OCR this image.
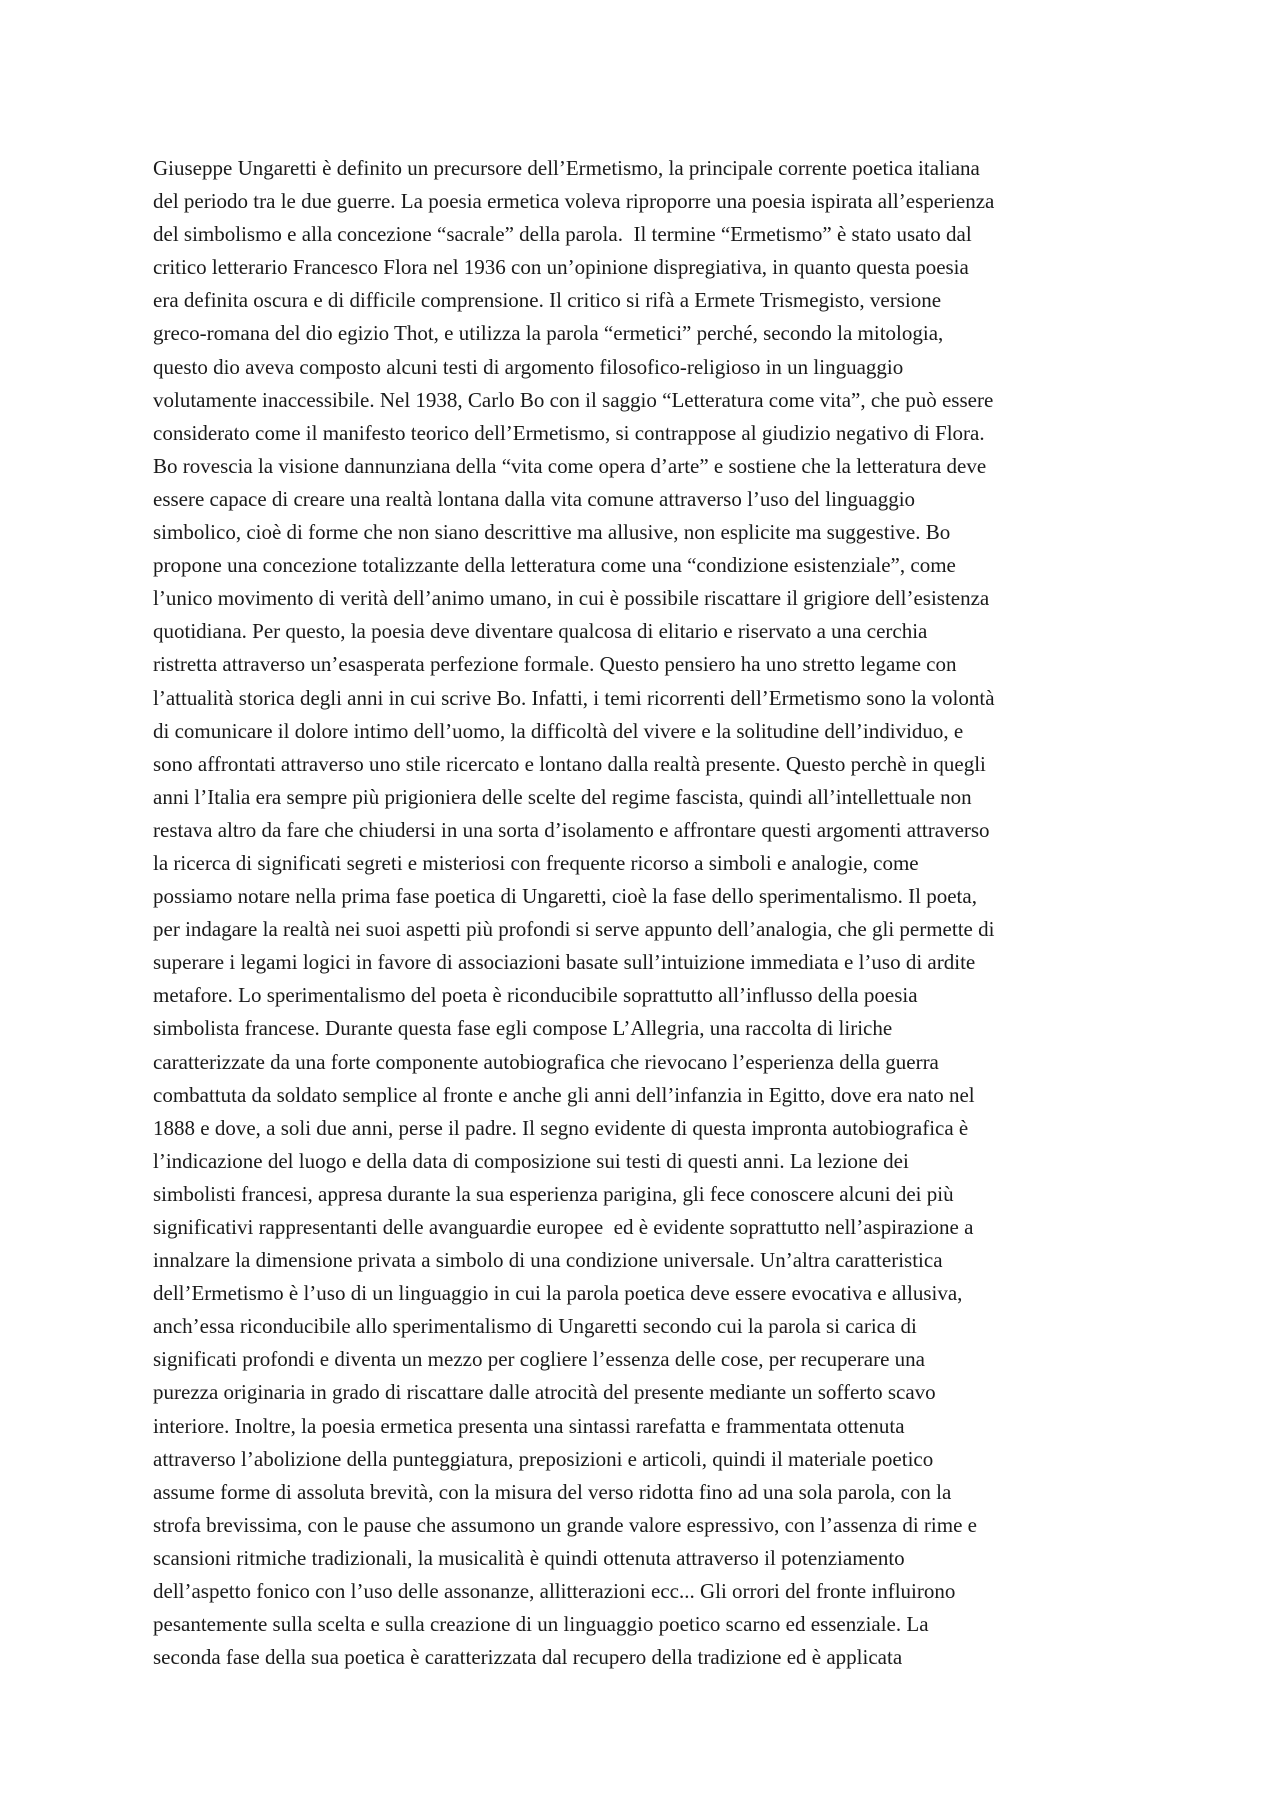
Giuseppe Ungaretti è definito un precursore dell’Ermetismo, la principale corrente poetica italiana
del periodo tra le due guerre. La poesia ermetica voleva riproporre una poesia ispirata all’esperienza
del simbolismo e alla concezione “sacrale” della parola.  Il termine “Ermetismo” è stato usato dal
critico letterario Francesco Flora nel 1936 con un’opinione dispregiativa, in quanto questa poesia
era definita oscura e di difficile comprensione. Il critico si rifà a Ermete Trismegisto, versione
greco-romana del dio egizio Thot, e utilizza la parola “ermetici” perché, secondo la mitologia,
questo dio aveva composto alcuni testi di argomento filosofico-religioso in un linguaggio
volutamente inaccessibile. Nel 1938, Carlo Bo con il saggio “Letteratura come vita”, che può essere
considerato come il manifesto teorico dell’Ermetismo, si contrappose al giudizio negativo di Flora.
Bo rovescia la visione dannunziana della “vita come opera d’arte” e sostiene che la letteratura deve
essere capace di creare una realtà lontana dalla vita comune attraverso l’uso del linguaggio
simbolico, cioè di forme che non siano descrittive ma allusive, non esplicite ma suggestive. Bo
propone una concezione totalizzante della letteratura come una “condizione esistenziale”, come
l’unico movimento di verità dell’animo umano, in cui è possibile riscattare il grigiore dell’esistenza
quotidiana. Per questo, la poesia deve diventare qualcosa di elitario e riservato a una cerchia
ristretta attraverso un’esasperata perfezione formale. Questo pensiero ha uno stretto legame con
l’attualità storica degli anni in cui scrive Bo. Infatti, i temi ricorrenti dell’Ermetismo sono la volontà
di comunicare il dolore intimo dell’uomo, la difficoltà del vivere e la solitudine dell’individuo, e
sono affrontati attraverso uno stile ricercato e lontano dalla realtà presente. Questo perchè in quegli
anni l’Italia era sempre più prigioniera delle scelte del regime fascista, quindi all’intellettuale non
restava altro da fare che chiudersi in una sorta d’isolamento e affrontare questi argomenti attraverso
la ricerca di significati segreti e misteriosi con frequente ricorso a simboli e analogie, come
possiamo notare nella prima fase poetica di Ungaretti, cioè la fase dello sperimentalismo. Il poeta,
per indagare la realtà nei suoi aspetti più profondi si serve appunto dell’analogia, che gli permette di
superare i legami logici in favore di associazioni basate sull’intuizione immediata e l’uso di ardite
metafore. Lo sperimentalismo del poeta è riconducibile soprattutto all’influsso della poesia
simbolista francese. Durante questa fase egli compose L’Allegria, una raccolta di liriche
caratterizzate da una forte componente autobiografica che rievocano l’esperienza della guerra
combattuta da soldato semplice al fronte e anche gli anni dell’infanzia in Egitto, dove era nato nel
1888 e dove, a soli due anni, perse il padre. Il segno evidente di questa impronta autobiografica è
l’indicazione del luogo e della data di composizione sui testi di questi anni. La lezione dei
simbolisti francesi, appresa durante la sua esperienza parigina, gli fece conoscere alcuni dei più
significativi rappresentanti delle avanguardie europee  ed è evidente soprattutto nell’aspirazione a
innalzare la dimensione privata a simbolo di una condizione universale. Un’altra caratteristica
dell’Ermetismo è l’uso di un linguaggio in cui la parola poetica deve essere evocativa e allusiva,
anch’essa riconducibile allo sperimentalismo di Ungaretti secondo cui la parola si carica di
significati profondi e diventa un mezzo per cogliere l’essenza delle cose, per recuperare una
purezza originaria in grado di riscattare dalle atrocità del presente mediante un sofferto scavo
interiore. Inoltre, la poesia ermetica presenta una sintassi rarefatta e frammentata ottenuta
attraverso l’abolizione della punteggiatura, preposizioni e articoli, quindi il materiale poetico
assume forme di assoluta brevità, con la misura del verso ridotta fino ad una sola parola, con la
strofa brevissima, con le pause che assumono un grande valore espressivo, con l’assenza di rime e
scansioni ritmiche tradizionali, la musicalità è quindi ottenuta attraverso il potenziamento
dell’aspetto fonico con l’uso delle assonanze, allitterazioni ecc... Gli orrori del fronte influirono
pesantemente sulla scelta e sulla creazione di un linguaggio poetico scarno ed essenziale. La
seconda fase della sua poetica è caratterizzata dal recupero della tradizione ed è applicata
